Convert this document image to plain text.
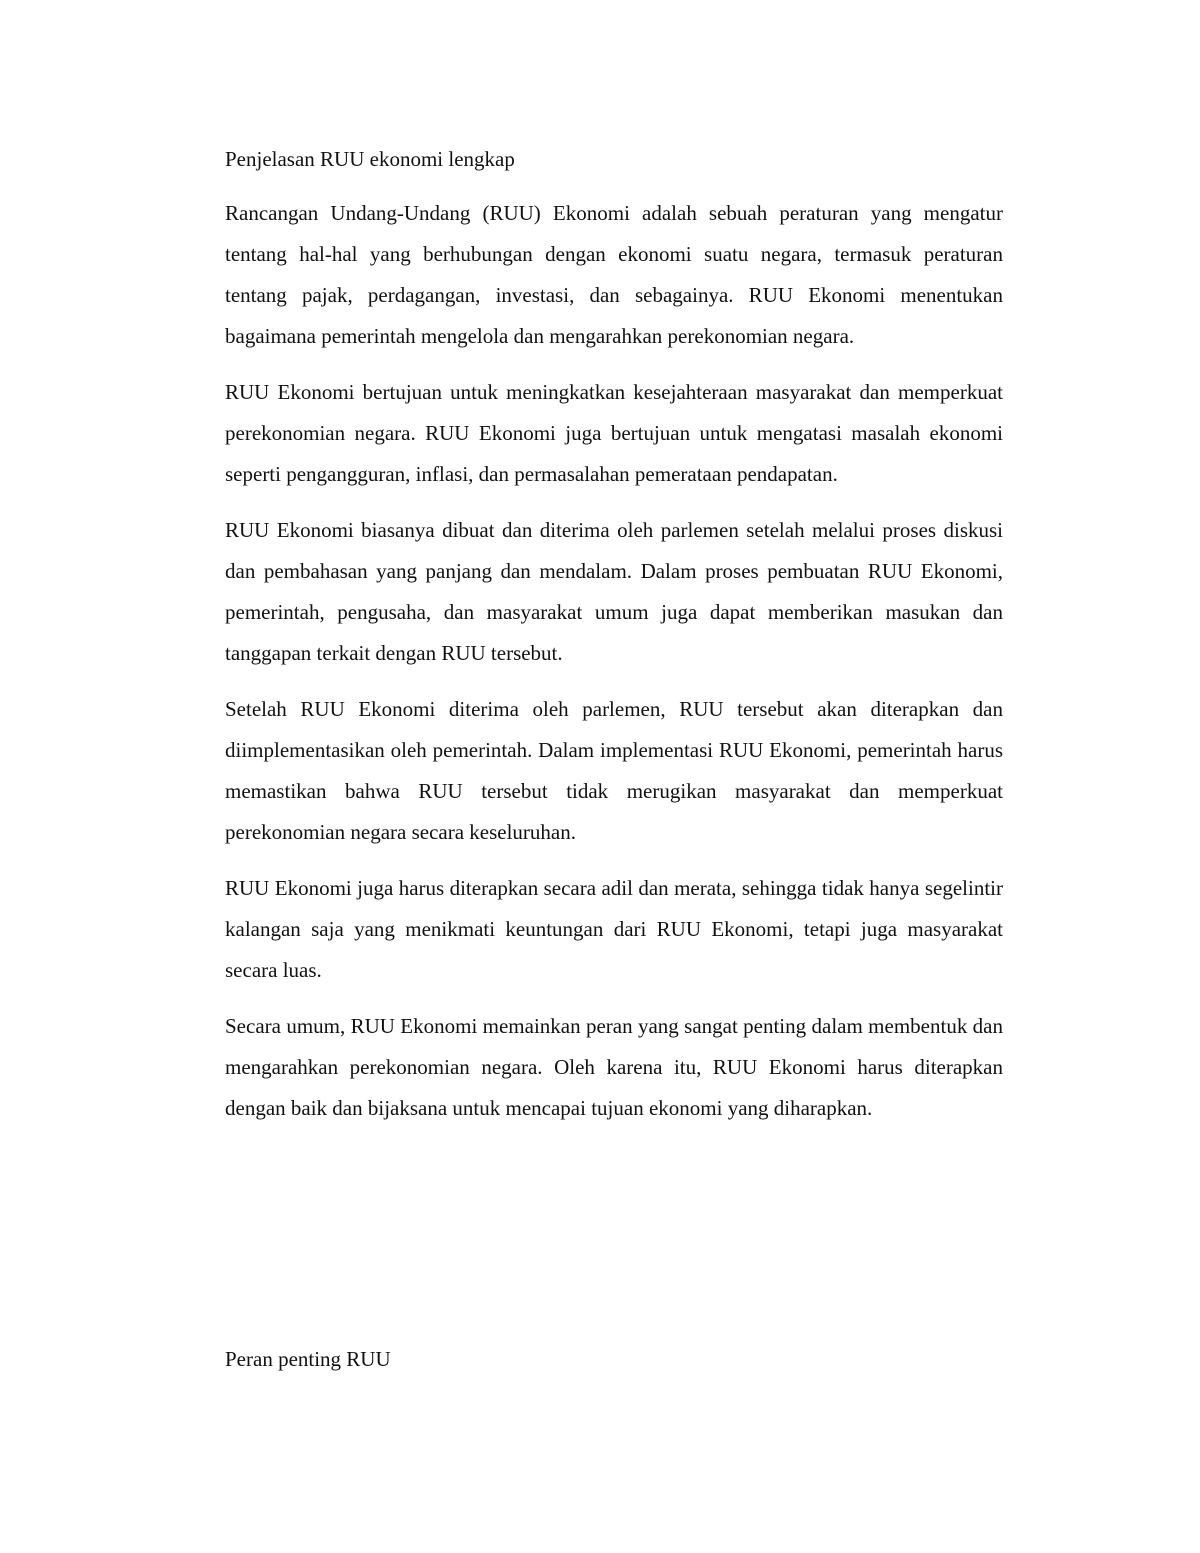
Penjelasan RUU ekonomi lengkap

Rancangan Undang-Undang (RUU) Ekonomi adalah sebuah peraturan yang mengatur tentang hal-hal yang berhubungan dengan ekonomi suatu negara, termasuk peraturan tentang pajak, perdagangan, investasi, dan sebagainya. RUU Ekonomi menentukan bagaimana pemerintah mengelola dan mengarahkan perekonomian negara.

RUU Ekonomi bertujuan untuk meningkatkan kesejahteraan masyarakat dan memperkuat perekonomian negara. RUU Ekonomi juga bertujuan untuk mengatasi masalah ekonomi seperti pengangguran, inflasi, dan permasalahan pemerataan pendapatan.

RUU Ekonomi biasanya dibuat dan diterima oleh parlemen setelah melalui proses diskusi dan pembahasan yang panjang dan mendalam. Dalam proses pembuatan RUU Ekonomi, pemerintah, pengusaha, dan masyarakat umum juga dapat memberikan masukan dan tanggapan terkait dengan RUU tersebut.

Setelah RUU Ekonomi diterima oleh parlemen, RUU tersebut akan diterapkan dan diimplementasikan oleh pemerintah. Dalam implementasi RUU Ekonomi, pemerintah harus memastikan bahwa RUU tersebut tidak merugikan masyarakat dan memperkuat perekonomian negara secara keseluruhan.

RUU Ekonomi juga harus diterapkan secara adil dan merata, sehingga tidak hanya segelintir kalangan saja yang menikmati keuntungan dari RUU Ekonomi, tetapi juga masyarakat secara luas.

Secara umum, RUU Ekonomi memainkan peran yang sangat penting dalam membentuk dan mengarahkan perekonomian negara. Oleh karena itu, RUU Ekonomi harus diterapkan dengan baik dan bijaksana untuk mencapai tujuan ekonomi yang diharapkan.

Peran penting RUU
